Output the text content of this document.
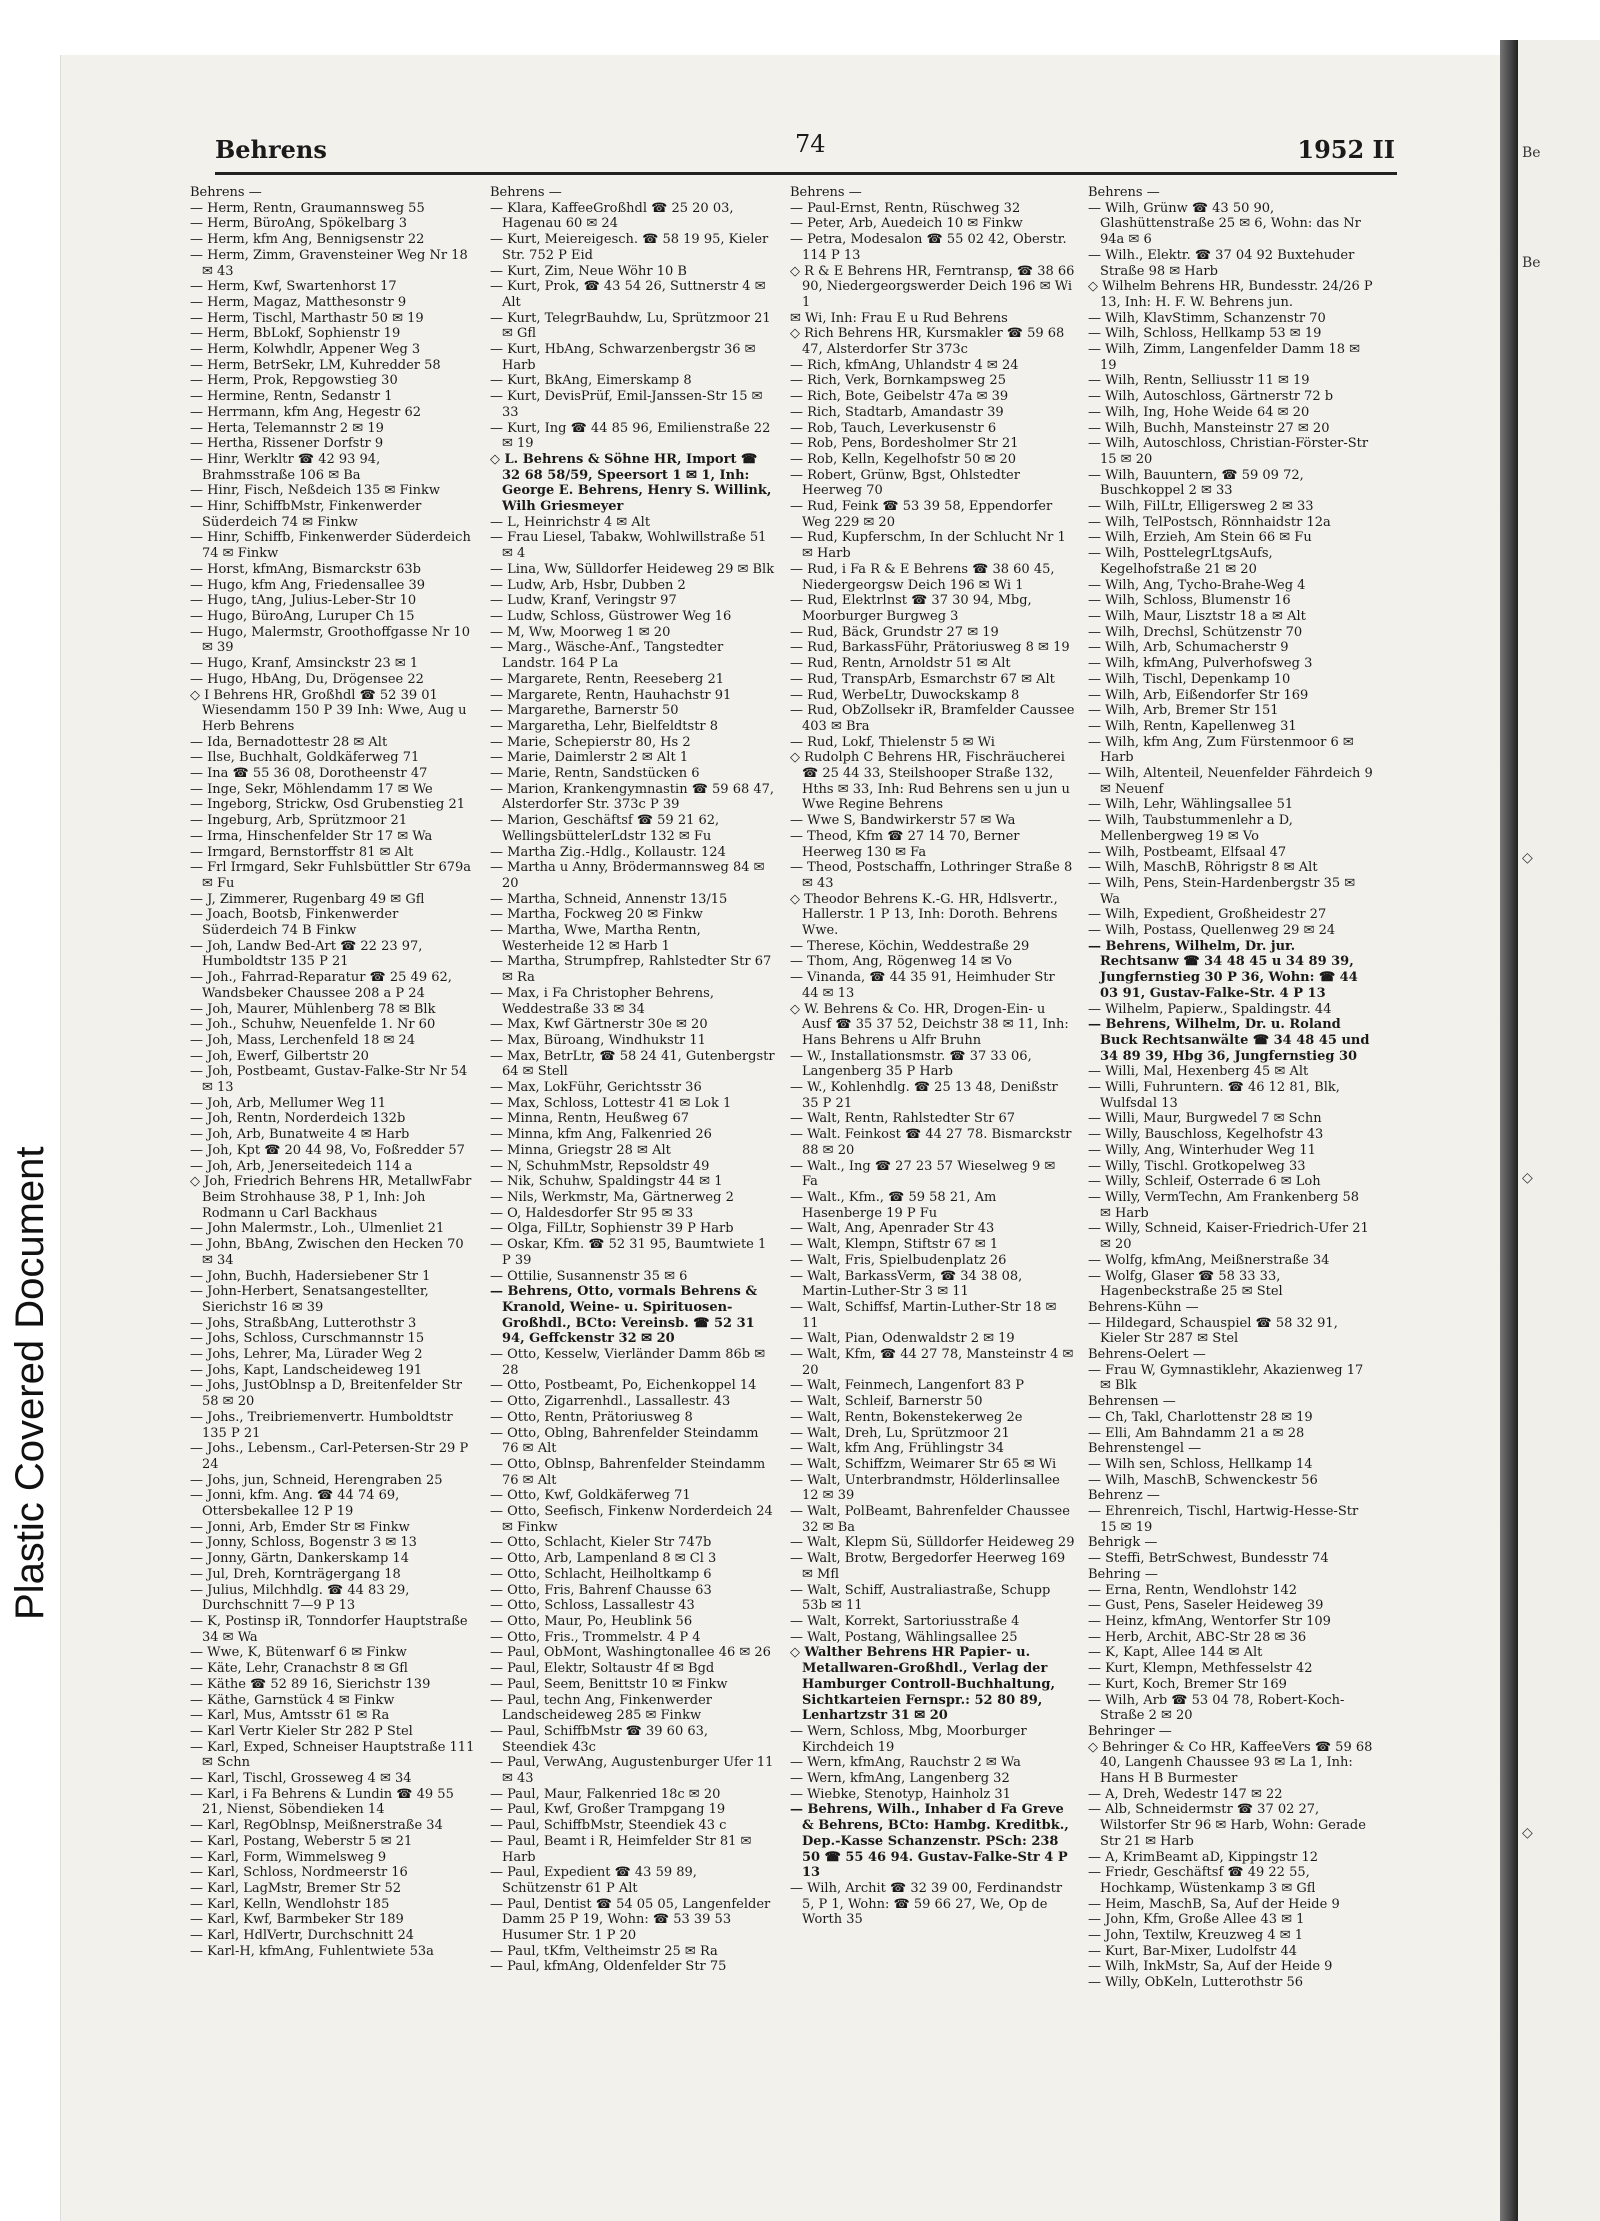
Plastic Covered Document
Be
Be
◇
◇
◇
Behrens	74	1952 II
Behrens —
— Herm, Rentn, Graumannsweg 55
— Herm, BüroAng, Spökelbarg 3
— Herm, kfm Ang, Bennigsenstr 22
— Herm, Zimm, Gravensteiner Weg Nr 18 ✉ 43
— Herm, Kwf, Swartenhorst 17
— Herm, Magaz, Matthesonstr 9
— Herm, Tischl, Marthastr 50 ✉ 19
— Herm, BbLokf, Sophienstr 19
— Herm, Kolwhdlr, Appener Weg 3
— Herm, BetrSekr, LM, Kuhredder 58
— Herm, Prok, Repgowstieg 30
— Hermine, Rentn, Sedanstr 1
— Herrmann, kfm Ang, Hegestr 62
— Herta, Telemannstr 2 ✉ 19
— Hertha, Rissener Dorfstr 9
— Hinr, Werkltr ☎ 42 93 94, Brahmsstraße 106 ✉ Ba
— Hinr, Fisch, Neßdeich 135 ✉ Finkw
— Hinr, SchiffbMstr, Finkenwerder Süderdeich 74 ✉ Finkw
— Hinr, Schiffb, Finkenwerder Süderdeich 74 ✉ Finkw
— Horst, kfmAng, Bismarckstr 63b
— Hugo, kfm Ang, Friedensallee 39
— Hugo, tAng, Julius-Leber-Str 10
— Hugo, BüroAng, Luruper Ch 15
— Hugo, Malermstr, Groothoffgasse Nr 10 ✉ 39
— Hugo, Kranf, Amsinckstr 23 ✉ 1
— Hugo, HbAng, Du, Drögensee 22
◇ I Behrens HR, Großhdl ☎ 52 39 01 Wiesendamm 150 P 39 Inh: Wwe, Aug u Herb Behrens
— Ida, Bernadottestr 28 ✉ Alt
— Ilse, Buchhalt, Goldkäferweg 71
— Ina ☎ 55 36 08, Dorotheenstr 47
— Inge, Sekr, Möhlendamm 17 ✉ We
— Ingeborg, Strickw, Osd Grubenstieg 21
— Ingeburg, Arb, Sprützmoor 21
— Irma, Hinschenfelder Str 17 ✉ Wa
— Irmgard, Bernstorffstr 81 ✉ Alt
— Frl Irmgard, Sekr Fuhlsbüttler Str 679a ✉ Fu
— J, Zimmerer, Rugenbarg 49 ✉ Gfl
— Joach, Bootsb, Finkenwerder Süderdeich 74 B Finkw
— Joh, Landw Bed-Art ☎ 22 23 97, Humboldtstr 135 P 21
— Joh., Fahrrad-Reparatur ☎ 25 49 62, Wandsbeker Chaussee 208 a P 24
— Joh, Maurer, Mühlenberg 78 ✉ Blk
— Joh., Schuhw, Neuenfelde 1. Nr 60
— Joh, Mass, Lerchenfeld 18 ✉ 24
— Joh, Ewerf, Gilbertstr 20
— Joh, Postbeamt, Gustav-Falke-Str Nr 54 ✉ 13
— Joh, Arb, Mellumer Weg 11
— Joh, Rentn, Norderdeich 132b
— Joh, Arb, Bunatweite 4 ✉ Harb
— Joh, Kpt ☎ 20 44 98, Vo, Foßredder 57
— Joh, Arb, Jenerseitedeich 114 a
◇ Joh, Friedrich Behrens HR, MetallwFabr Beim Strohhause 38, P 1, Inh: Joh Rodmann u Carl Backhaus
— John Malermstr., Loh., Ulmenliet 21
— John, BbAng, Zwischen den Hecken 70 ✉ 34
— John, Buchh, Hadersiebener Str 1
— John-Herbert, Senatsangestellter, Sierichstr 16 ✉ 39
— Johs, StraßbAng, Lutterothstr 3
— Johs, Schloss, Curschmannstr 15
— Johs, Lehrer, Ma, Lürader Weg 2
— Johs, Kapt, Landscheideweg 191
— Johs, JustOblnsp a D, Breitenfelder Str 58 ✉ 20
— Johs., Treibriemenvertr. Humboldtstr 135 P 21
— Johs., Lebensm., Carl-Petersen-Str 29 P 24
— Johs, jun, Schneid, Herengraben 25
— Jonni, kfm. Ang. ☎ 44 74 69, Ottersbekallee 12 P 19
— Jonni, Arb, Emder Str ✉ Finkw
— Jonny, Schloss, Bogenstr 3 ✉ 13
— Jonny, Gärtn, Dankerskamp 14
— Jul, Dreh, Kornträgergang 18
— Julius, Milchhdlg. ☎ 44 83 29, Durchschnitt 7—9 P 13
— K, Postinsp iR, Tonndorfer Hauptstraße 34 ✉ Wa
— Wwe, K, Bütenwarf 6 ✉ Finkw
— Käte, Lehr, Cranachstr 8 ✉ Gfl
— Käthe ☎ 52 89 16, Sierichstr 139
— Käthe, Garnstück 4 ✉ Finkw
— Karl, Mus, Amtsstr 61 ✉ Ra
— Karl Vertr Kieler Str 282 P Stel
— Karl, Exped, Schneiser Hauptstraße 111 ✉ Schn
— Karl, Tischl, Grosseweg 4 ✉ 34
— Karl, i Fa Behrens & Lundin ☎ 49 55 21, Nienst, Söbendieken 14
— Karl, RegOblnsp, Meißnerstraße 34
— Karl, Postang, Weberstr 5 ✉ 21
— Karl, Form, Wimmelsweg 9
— Karl, Schloss, Nordmeerstr 16
— Karl, LagMstr, Bremer Str 52
— Karl, Kelln, Wendlohstr 185
— Karl, Kwf, Barmbeker Str 189
— Karl, HdlVertr, Durchschnitt 24
— Karl-H, kfmAng, Fuhlentwiete 53a
Behrens —
— Klara, KaffeeGroßhdl ☎ 25 20 03, Hagenau 60 ✉ 24
— Kurt, Meiereigesch. ☎ 58 19 95, Kieler Str. 752 P Eid
— Kurt, Zim, Neue Wöhr 10 B
— Kurt, Prok, ☎ 43 54 26, Suttnerstr 4 ✉ Alt
— Kurt, TelegrBauhdw, Lu, Sprützmoor 21 ✉ Gfl
— Kurt, HbAng, Schwarzenbergstr 36 ✉ Harb
— Kurt, BkAng, Eimerskamp 8
— Kurt, DevisPrüf, Emil-Janssen-Str 15 ✉ 33
— Kurt, Ing ☎ 44 85 96, Emilienstraße 22 ✉ 19
◇ L. Behrens & Söhne HR, Import ☎ 32 68 58/59, Speersort 1 ✉ 1, Inh: George E. Behrens, Henry S. Willink, Wilh Griesmeyer
— L, Heinrichstr 4 ✉ Alt
— Frau Liesel, Tabakw, Wohlwillstraße 51 ✉ 4
— Lina, Ww, Sülldorfer Heideweg 29 ✉ Blk
— Ludw, Arb, Hsbr, Dubben 2
— Ludw, Kranf, Veringstr 97
— Ludw, Schloss, Güstrower Weg 16
— M, Ww, Moorweg 1 ✉ 20
— Marg., Wäsche-Anf., Tangstedter Landstr. 164 P La
— Margarete, Rentn, Reeseberg 21
— Margarete, Rentn, Hauhachstr 91
— Margarethe, Barnerstr 50
— Margaretha, Lehr, Bielfeldtstr 8
— Marie, Schepierstr 80, Hs 2
— Marie, Daimlerstr 2 ✉ Alt 1
— Marie, Rentn, Sandstücken 6
— Marion, Krankengymnastin ☎ 59 68 47, Alsterdorfer Str. 373c P 39
— Marion, Geschäftsf ☎ 59 21 62, WellingsbüttelerLdstr 132 ✉ Fu
— Martha Zig.-Hdlg., Kollaustr. 124
— Martha u Anny, Brödermannsweg 84 ✉ 20
— Martha, Schneid, Annenstr 13/15
— Martha, Fockweg 20 ✉ Finkw
— Martha, Wwe, Martha Rentn, Westerheide 12 ✉ Harb 1
— Martha, Strumpfrep, Rahlstedter Str 67 ✉ Ra
— Max, i Fa Christopher Behrens, Weddestraße 33 ✉ 34
— Max, Kwf Gärtnerstr 30e ✉ 20
— Max, Büroang, Windhukstr 11
— Max, BetrLtr, ☎ 58 24 41, Gutenbergstr 64 ✉ Stell
— Max, LokFühr, Gerichtsstr 36
— Max, Schloss, Lottestr 41 ✉ Lok 1
— Minna, Rentn, Heußweg 67
— Minna, kfm Ang, Falkenried 26
— Minna, Griegstr 28 ✉ Alt
— N, SchuhmMstr, Repsoldstr 49
— Nik, Schuhw, Spaldingstr 44 ✉ 1
— Nils, Werkmstr, Ma, Gärtnerweg 2
— O, Haldesdorfer Str 95 ✉ 33
— Olga, FilLtr, Sophienstr 39 P Harb
— Oskar, Kfm. ☎ 52 31 95, Baumtwiete 1 P 39
— Ottilie, Susannenstr 35 ✉ 6
— Behrens, Otto, vormals Behrens & Kranold, Weine- u. Spirituosen-Großhdl., BCto: Vereinsb. ☎ 52 31 94, Geffckenstr 32 ✉ 20
— Otto, Kesselw, Vierländer Damm 86b ✉ 28
— Otto, Postbeamt, Po, Eichenkoppel 14
— Otto, Zigarrenhdl., Lassallestr. 43
— Otto, Rentn, Prätoriusweg 8
— Otto, Oblng, Bahrenfelder Steindamm 76 ✉ Alt
— Otto, Oblnsp, Bahrenfelder Steindamm 76 ✉ Alt
— Otto, Kwf, Goldkäferweg 71
— Otto, Seefisch, Finkenw Norderdeich 24 ✉ Finkw
— Otto, Schlacht, Kieler Str 747b
— Otto, Arb, Lampenland 8 ✉ Cl 3
— Otto, Schlacht, Heilholtkamp 6
— Otto, Fris, Bahrenf Chausse 63
— Otto, Schloss, Lassallestr 43
— Otto, Maur, Po, Heublink 56
— Otto, Fris., Trommelstr. 4 P 4
— Paul, ObMont, Washingtonallee 46 ✉ 26
— Paul, Elektr, Soltaustr 4f ✉ Bgd
— Paul, Seem, Benittstr 10 ✉ Finkw
— Paul, techn Ang, Finkenwerder Landscheideweg 285 ✉ Finkw
— Paul, SchiffbMstr ☎ 39 60 63, Steendiek 43c
— Paul, VerwAng, Augustenburger Ufer 11 ✉ 43
— Paul, Maur, Falkenried 18c ✉ 20
— Paul, Kwf, Großer Trampgang 19
— Paul, SchiffbMstr, Steendiek 43 c
— Paul, Beamt i R, Heimfelder Str 81 ✉ Harb
— Paul, Expedient ☎ 43 59 89, Schützenstr 61 P Alt
— Paul, Dentist ☎ 54 05 05, Langenfelder Damm 25 P 19, Wohn: ☎ 53 39 53 Husumer Str. 1 P 20
— Paul, tKfm, Veltheimstr 25 ✉ Ra
— Paul, kfmAng, Oldenfelder Str 75
Behrens —
— Paul-Ernst, Rentn, Rüschweg 32
— Peter, Arb, Auedeich 10 ✉ Finkw
— Petra, Modesalon ☎ 55 02 42, Oberstr. 114 P 13
◇ R & E Behrens HR, Ferntransp, ☎ 38 66 90, Niedergeorgswerder Deich 196 ✉ Wi 1
✉ Wi, Inh: Frau E u Rud Behrens
◇ Rich Behrens HR, Kursmakler ☎ 59 68 47, Alsterdorfer Str 373c
— Rich, kfmAng, Uhlandstr 4 ✉ 24
— Rich, Verk, Bornkampsweg 25
— Rich, Bote, Geibelstr 47a ✉ 39
— Rich, Stadtarb, Amandastr 39
— Rob, Tauch, Leverkusenstr 6
— Rob, Pens, Bordesholmer Str 21
— Rob, Kelln, Kegelhofstr 50 ✉ 20
— Robert, Grünw, Bgst, Ohlstedter Heerweg 70
— Rud, Feink ☎ 53 39 58, Eppendorfer Weg 229 ✉ 20
— Rud, Kupferschm, In der Schlucht Nr 1 ✉ Harb
— Rud, i Fa R & E Behrens ☎ 38 60 45, Niedergeorgsw Deich 196 ✉ Wi 1
— Rud, Elektrlnst ☎ 37 30 94, Mbg, Moorburger Burgweg 3
— Rud, Bäck, Grundstr 27 ✉ 19
— Rud, BarkassFühr, Prätoriusweg 8 ✉ 19
— Rud, Rentn, Arnoldstr 51 ✉ Alt
— Rud, TranspArb, Esmarchstr 67 ✉ Alt
— Rud, WerbeLtr, Duwockskamp 8
— Rud, ObZollsekr iR, Bramfelder Caussee 403 ✉ Bra
— Rud, Lokf, Thielenstr 5 ✉ Wi
◇ Rudolph C Behrens HR, Fischräucherei ☎ 25 44 33, Steilshooper Straße 132, Hths ✉ 33, Inh: Rud Behrens sen u jun u Wwe Regine Behrens
— Wwe S, Bandwirkerstr 57 ✉ Wa
— Theod, Kfm ☎ 27 14 70, Berner Heerweg 130 ✉ Fa
— Theod, Postschaffn, Lothringer Straße 8 ✉ 43
◇ Theodor Behrens K.-G. HR, Hdlsvertr., Hallerstr. 1 P 13, Inh: Doroth. Behrens Wwe.
— Therese, Köchin, Weddestraße 29
— Thom, Ang, Rögenweg 14 ✉ Vo
— Vinanda, ☎ 44 35 91, Heimhuder Str 44 ✉ 13
◇ W. Behrens & Co. HR, Drogen-Ein- u Ausf ☎ 35 37 52, Deichstr 38 ✉ 11, Inh: Hans Behrens u Alfr Bruhn
— W., Installationsmstr. ☎ 37 33 06, Langenberg 35 P Harb
— W., Kohlenhdlg. ☎ 25 13 48, Denißstr 35 P 21
— Walt, Rentn, Rahlstedter Str 67
— Walt. Feinkost ☎ 44 27 78. Bismarckstr 88 ✉ 20
— Walt., Ing ☎ 27 23 57 Wieselweg 9 ✉ Fa
— Walt., Kfm., ☎ 59 58 21, Am Hasenberge 19 P Fu
— Walt, Ang, Apenrader Str 43
— Walt, Klempn, Stiftstr 67 ✉ 1
— Walt, Fris, Spielbudenplatz 26
— Walt, BarkassVerm, ☎ 34 38 08, Martin-Luther-Str 3 ✉ 11
— Walt, Schiffsf, Martin-Luther-Str 18 ✉ 11
— Walt, Pian, Odenwaldstr 2 ✉ 19
— Walt, Kfm, ☎ 44 27 78, Mansteinstr 4 ✉ 20
— Walt, Feinmech, Langenfort 83 P
— Walt, Schleif, Barnerstr 50
— Walt, Rentn, Bokenstekerweg 2e
— Walt, Dreh, Lu, Sprützmoor 21
— Walt, kfm Ang, Frühlingstr 34
— Walt, Schiffzm, Weimarer Str 65 ✉ Wi
— Walt, Unterbrandmstr, Hölderlinsallee 12 ✉ 39
— Walt, PolBeamt, Bahrenfelder Chaussee 32 ✉ Ba
— Walt, Klepm Sü, Sülldorfer Heideweg 29
— Walt, Brotw, Bergedorfer Heerweg 169 ✉ Mfl
— Walt, Schiff, Australiastraße, Schupp 53b ✉ 11
— Walt, Korrekt, Sartoriusstraße 4
— Walt, Postang, Wählingsallee 25
◇ Walther Behrens HR Papier- u. Metallwaren-Großhdl., Verlag der Hamburger Controll-Buchhaltung, Sichtkarteien Fernspr.: 52 80 89, Lenhartzstr 31 ✉ 20
— Wern, Schloss, Mbg, Moorburger Kirchdeich 19
— Wern, kfmAng, Rauchstr 2 ✉ Wa
— Wern, kfmAng, Langenberg 32
— Wiebke, Stenotyp, Hainholz 31
— Behrens, Wilh., Inhaber d Fa Greve & Behrens, BCto: Hambg. Kreditbk., Dep.-Kasse Schanzenstr. PSch: 238 50 ☎ 55 46 94. Gustav-Falke-Str 4 P 13
— Wilh, Archit ☎ 32 39 00, Ferdinandstr 5, P 1, Wohn: ☎ 59 66 27, We, Op de Worth 35
Behrens —
— Wilh, Grünw ☎ 43 50 90, Glashüttenstraße 25 ✉ 6, Wohn: das Nr 94a ✉ 6
— Wilh., Elektr. ☎ 37 04 92 Buxtehuder Straße 98 ✉ Harb
◇ Wilhelm Behrens HR, Bundesstr. 24/26 P 13, Inh: H. F. W. Behrens jun.
— Wilh, KlavStimm, Schanzenstr 70
— Wilh, Schloss, Hellkamp 53 ✉ 19
— Wilh, Zimm, Langenfelder Damm 18 ✉ 19
— Wilh, Rentn, Selliusstr 11 ✉ 19
— Wilh, Autoschloss, Gärtnerstr 72 b
— Wilh, Ing, Hohe Weide 64 ✉ 20
— Wilh, Buchh, Mansteinstr 27 ✉ 20
— Wilh, Autoschloss, Christian-Förster-Str 15 ✉ 20
— Wilh, Bauuntern, ☎ 59 09 72, Buschkoppel 2 ✉ 33
— Wilh, FilLtr, Elligersweg 2 ✉ 33
— Wilh, TelPostsch, Rönnhaidstr 12a
— Wilh, Erzieh, Am Stein 66 ✉ Fu
— Wilh, PosttelegrLtgsAufs, Kegelhofstraße 21 ✉ 20
— Wilh, Ang, Tycho-Brahe-Weg 4
— Wilh, Schloss, Blumenstr 16
— Wilh, Maur, Lisztstr 18 a ✉ Alt
— Wilh, Drechsl, Schützenstr 70
— Wilh, Arb, Schumacherstr 9
— Wilh, kfmAng, Pulverhofsweg 3
— Wilh, Tischl, Depenkamp 10
— Wilh, Arb, Eißendorfer Str 169
— Wilh, Arb, Bremer Str 151
— Wilh, Rentn, Kapellenweg 31
— Wilh, kfm Ang, Zum Fürstenmoor 6 ✉ Harb
— Wilh, Altenteil, Neuenfelder Fährdeich 9 ✉ Neuenf
— Wilh, Lehr, Wählingsallee 51
— Wilh, Taubstummenlehr a D, Mellenbergweg 19 ✉ Vo
— Wilh, Postbeamt, Elfsaal 47
— Wilh, MaschB, Röhrigstr 8 ✉ Alt
— Wilh, Pens, Stein-Hardenbergstr 35 ✉ Wa
— Wilh, Expedient, Großheidestr 27
— Wilh, Postass, Quellenweg 29 ✉ 24
— Behrens, Wilhelm, Dr. jur. Rechtsanw ☎ 34 48 45 u 34 89 39, Jungfernstieg 30 P 36, Wohn: ☎ 44 03 91, Gustav-Falke-Str. 4 P 13
— Wilhelm, Papierw., Spaldingstr. 44
— Behrens, Wilhelm, Dr. u. Roland Buck Rechtsanwälte ☎ 34 48 45 und 34 89 39, Hbg 36, Jungfernstieg 30
— Willi, Mal, Hexenberg 45 ✉ Alt
— Willi, Fuhruntern. ☎ 46 12 81, Blk, Wulfsdal 13
— Willi, Maur, Burgwedel 7 ✉ Schn
— Willy, Bauschloss, Kegelhofstr 43
— Willy, Ang, Winterhuder Weg 11
— Willy, Tischl. Grotkopelweg 33
— Willy, Schleif, Osterrade 6 ✉ Loh
— Willy, VermTechn, Am Frankenberg 58 ✉ Harb
— Willy, Schneid, Kaiser-Friedrich-Ufer 21 ✉ 20
— Wolfg, kfmAng, Meißnerstraße 34
— Wolfg, Glaser ☎ 58 33 33, Hagenbeckstraße 25 ✉ Stel
Behrens-Kühn —
— Hildegard, Schauspiel ☎ 58 32 91, Kieler Str 287 ✉ Stel
Behrens-Oelert —
— Frau W, Gymnastiklehr, Akazienweg 17 ✉ Blk
Behrensen —
— Ch, Takl, Charlottenstr 28 ✉ 19
— Elli, Am Bahndamm 21 a ✉ 28
Behrenstengel —
— Wilh sen, Schloss, Hellkamp 14
— Wilh, MaschB, Schwenckestr 56
Behrenz —
— Ehrenreich, Tischl, Hartwig-Hesse-Str 15 ✉ 19
Behrigk —
— Steffi, BetrSchwest, Bundesstr 74
Behring —
— Erna, Rentn, Wendlohstr 142
— Gust, Pens, Saseler Heideweg 39
— Heinz, kfmAng, Wentorfer Str 109
— Herb, Archit, ABC-Str 28 ✉ 36
— K, Kapt, Allee 144 ✉ Alt
— Kurt, Klempn, Methfesselstr 42
— Kurt, Koch, Bremer Str 169
— Wilh, Arb ☎ 53 04 78, Robert-Koch-Straße 2 ✉ 20
Behringer —
◇ Behringer & Co HR, KaffeeVers ☎ 59 68 40, Langenh Chaussee 93 ✉ La 1, Inh: Hans H B Burmester
— A, Dreh, Wedestr 147 ✉ 22
— Alb, Schneidermstr ☎ 37 02 27, Wilstorfer Str 96 ✉ Harb, Wohn: Gerade Str 21 ✉ Harb
— A, KrimBeamt aD, Kippingstr 12
— Friedr, Geschäftsf ☎ 49 22 55, Hochkamp, Wüstenkamp 3 ✉ Gfl
— Heim, MaschB, Sa, Auf der Heide 9
— John, Kfm, Große Allee 43 ✉ 1
— John, Textilw, Kreuzweg 4 ✉ 1
— Kurt, Bar-Mixer, Ludolfstr 44
— Wilh, InkMstr, Sa, Auf der Heide 9
— Willy, ObKeln, Lutterothstr 56
